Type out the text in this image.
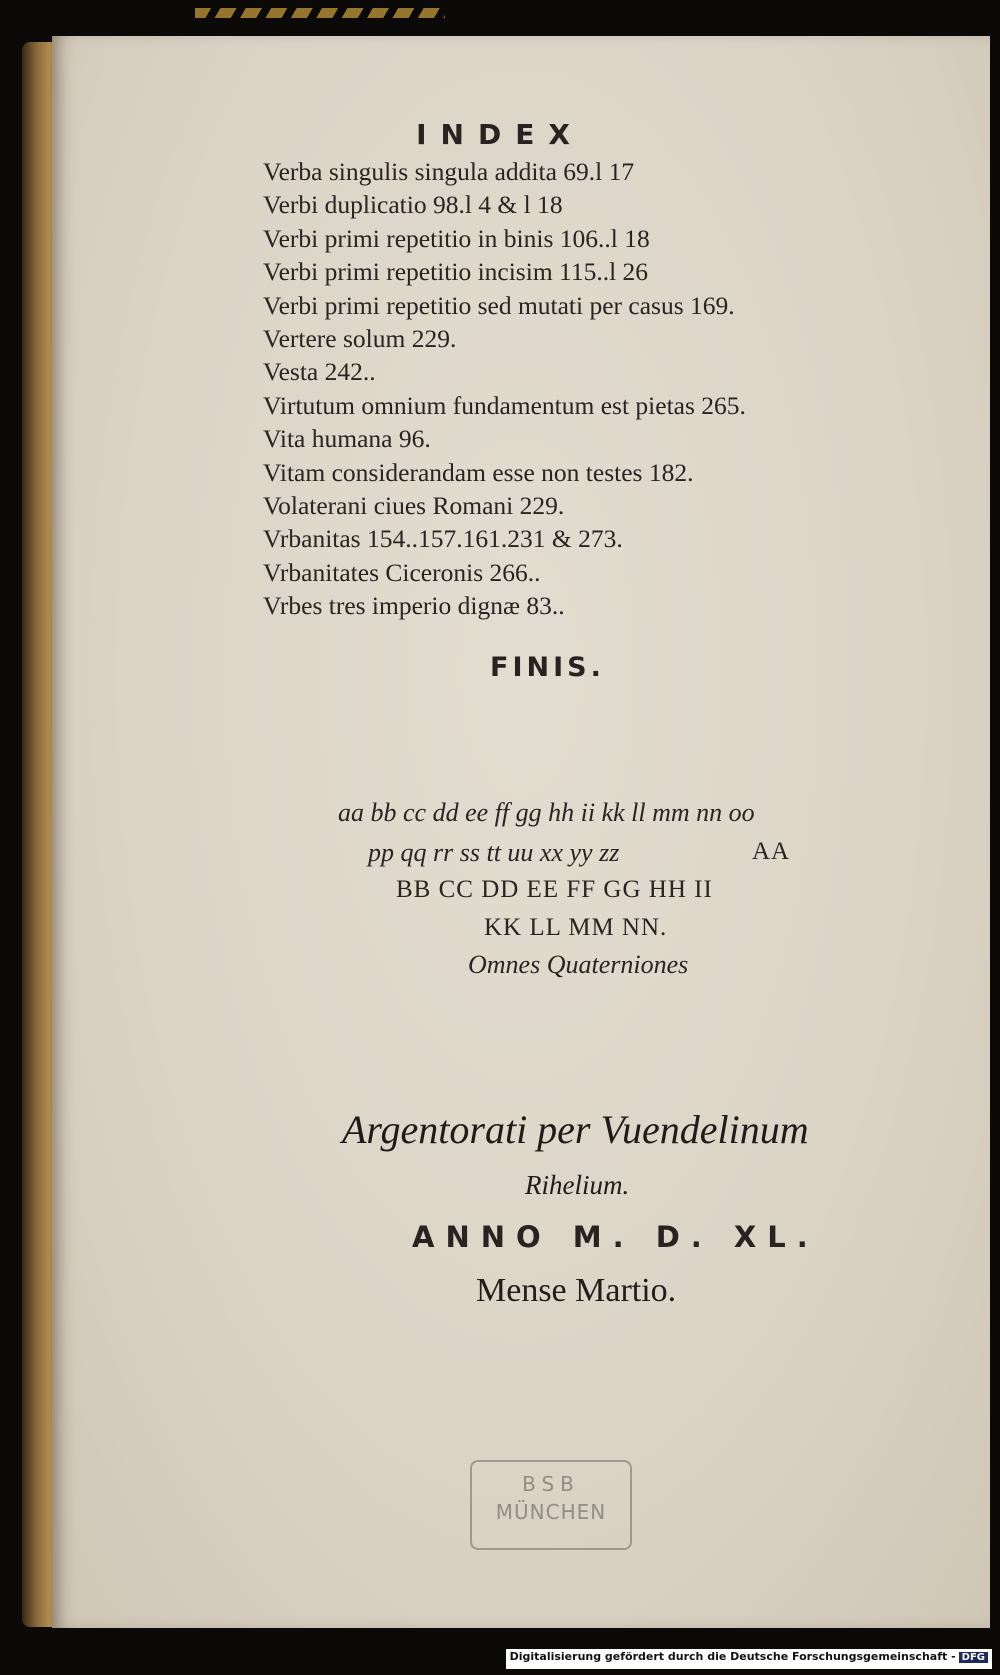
INDEX
Verba singulis singula addita 69.l 17
Verbi duplicatio 98.l 4 & l 18
Verbi primi repetitio in binis 106..l 18
Verbi primi repetitio incisim 115..l 26
Verbi primi repetitio sed mutati per casus 169.
Vertere solum 229.
Vesta 242..
Virtutum omnium fundamentum est pietas 265.
Vita humana 96.
Vitam considerandam esse non testes 182.
Volaterani ciues Romani 229.
Vrbanitas 154..157.161.231 & 273.
Vrbanitates Ciceronis 266..
Vrbes tres imperio dignæ 83..
FINIS.
aa bb cc dd ee ff gg hh ii kk ll mm nn oo
pp qq rr ss tt uu xx yy zz	AA
BB CC DD EE FF GG HH II
KK LL MM NN.
Omnes Quaterniones
Argentorati per Vuendelinum
Rihelium.
ANNO M. D. XL.
Mense Martio.
BSB
MÜNCHEN
Digitalisierung gefördert durch die Deutsche Forschungsgemeinschaft - DFG
